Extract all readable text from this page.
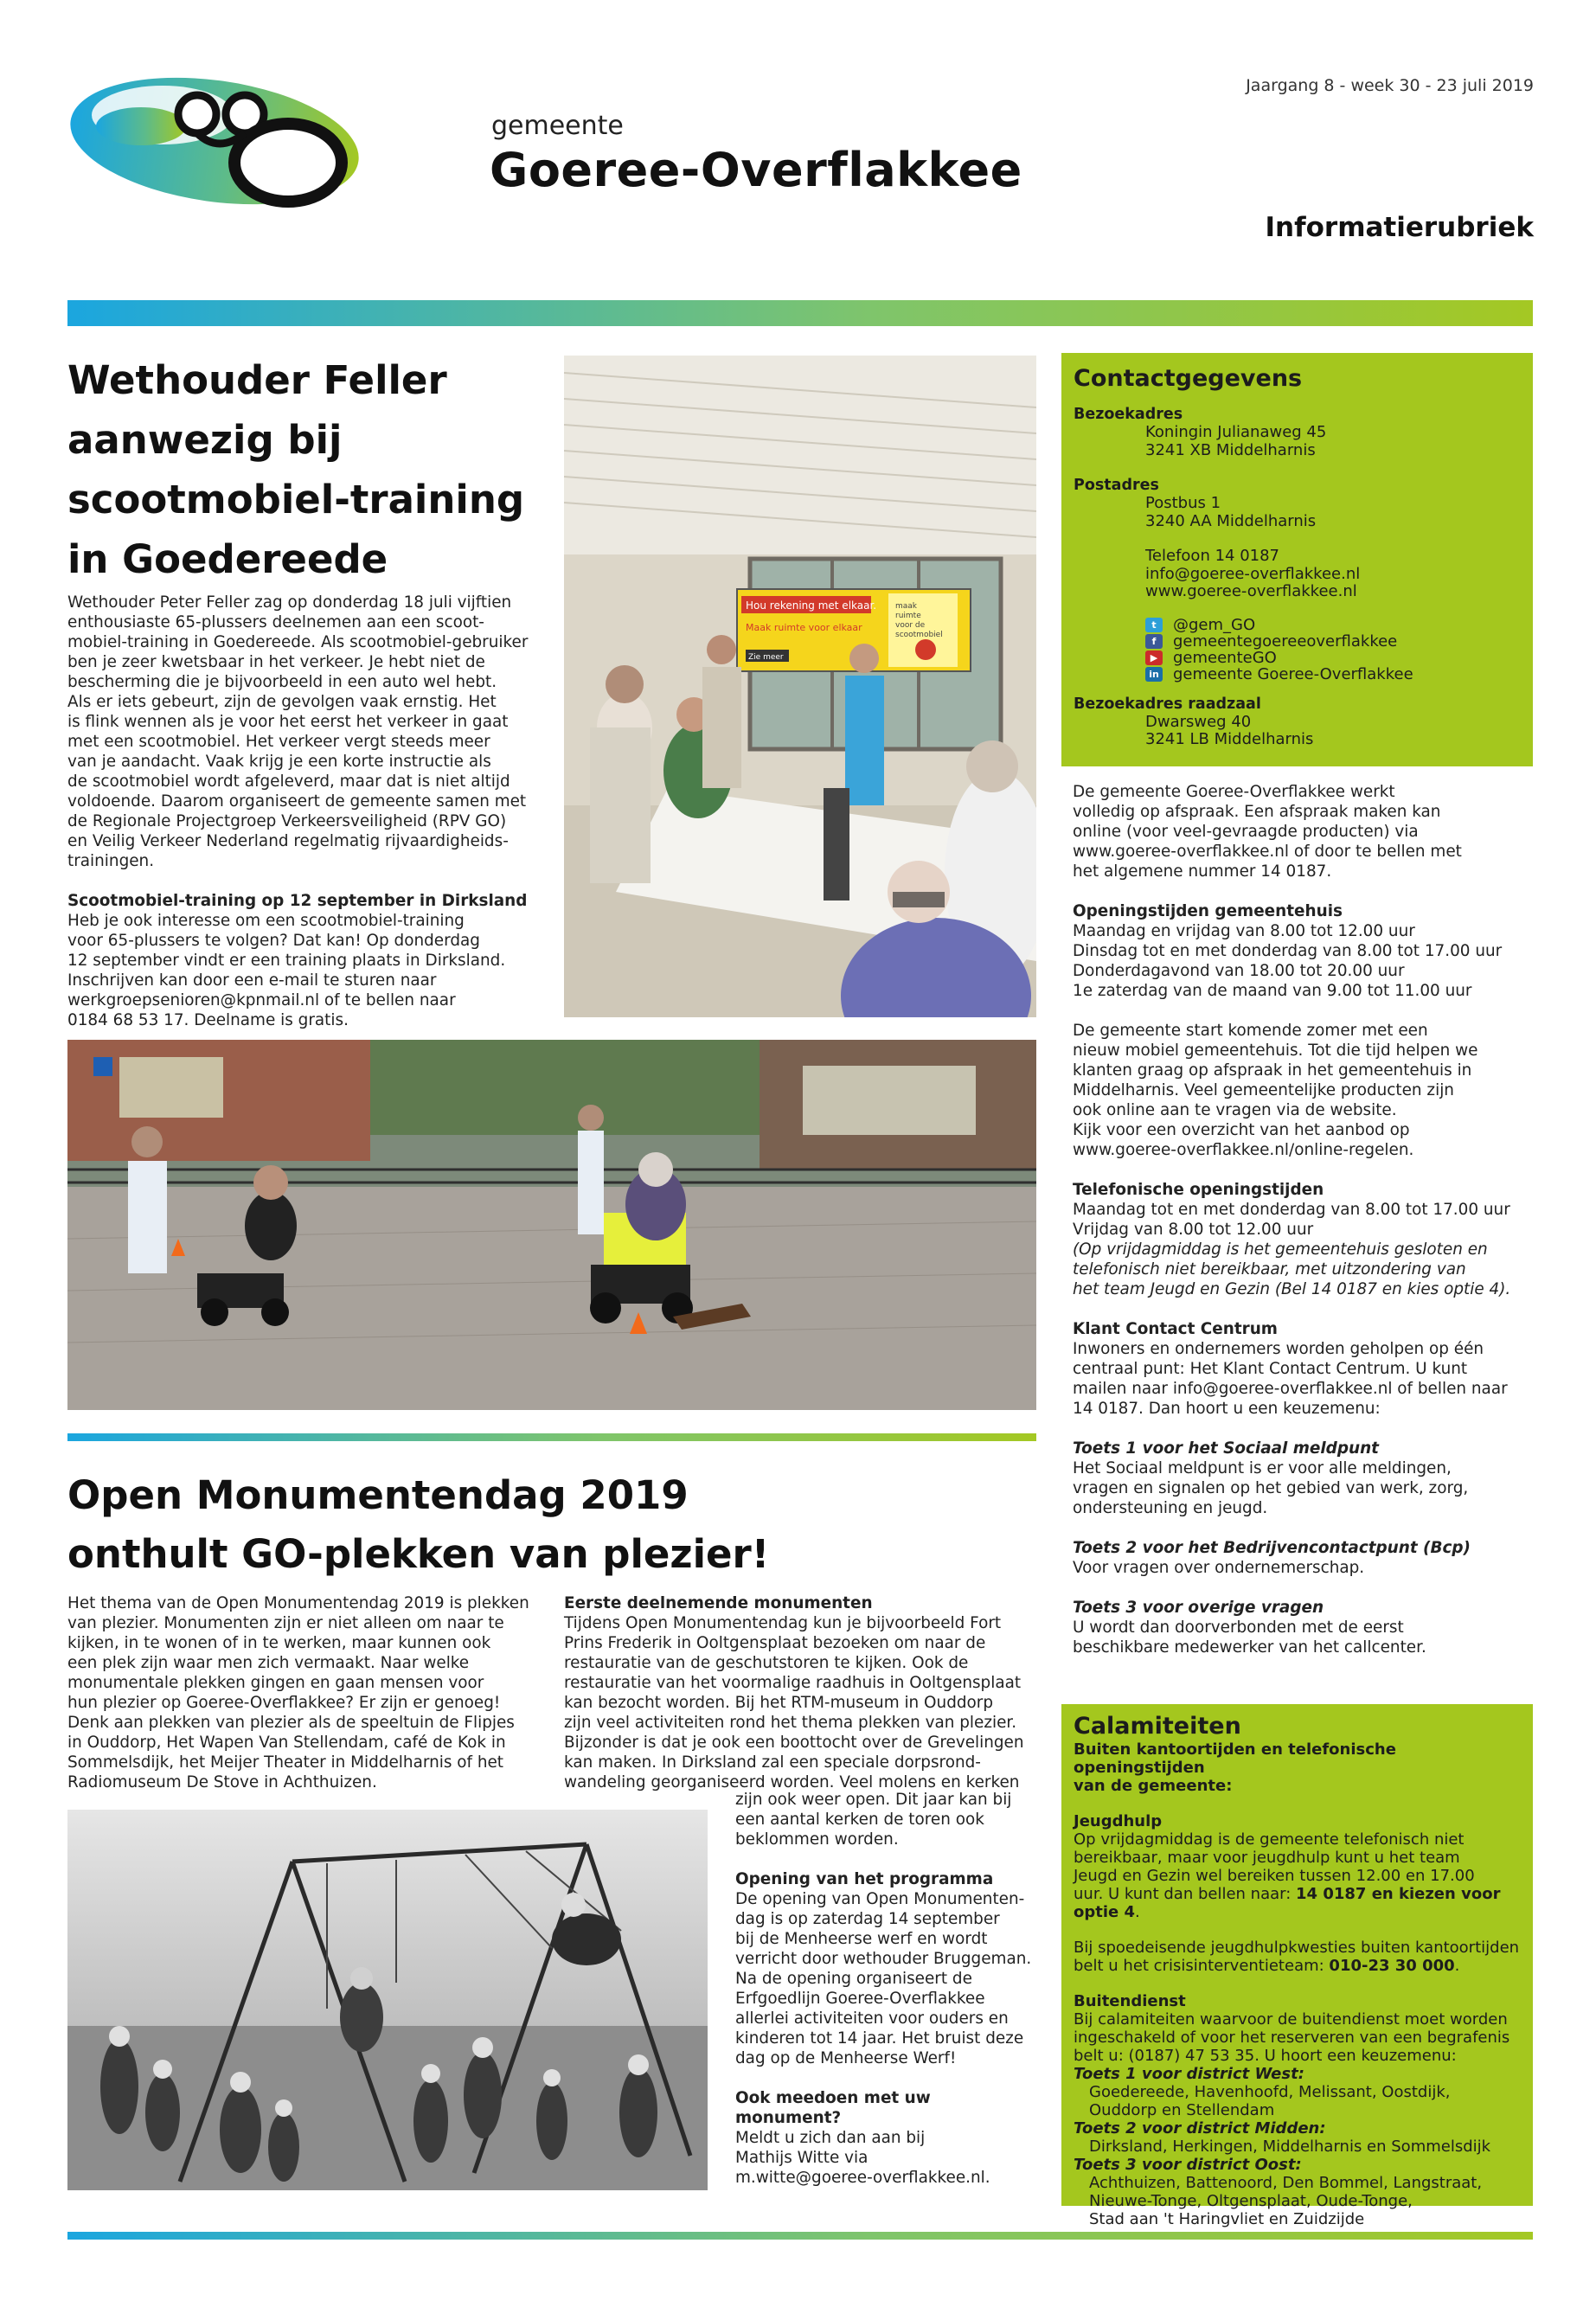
gemeente
Goeree-Overflakkee
Jaargang 8 - week 30 - 23 juli 2019
Informatierubriek
Wethouder Feller
aanwezig bij
scootmobiel-training
in Goedereede
Wethouder Peter Feller zag op donderdag 18 juli vijftien
enthousiaste 65-plussers deelnemen aan een scoot-
mobiel-training in Goedereede. Als scootmobiel-gebruiker
ben je zeer kwetsbaar in het verkeer. Je hebt niet de
bescherming die je bijvoorbeeld in een auto wel hebt.
Als er iets gebeurt, zijn de gevolgen vaak ernstig. Het
is flink wennen als je voor het eerst het verkeer in gaat
met een scootmobiel. Het verkeer vergt steeds meer
van je aandacht. Vaak krijg je een korte instructie als
de scootmobiel wordt afgeleverd, maar dat is niet altijd
voldoende. Daarom organiseert de gemeente samen met
de Regionale Projectgroep Verkeersveiligheid (RPV GO)
en Veilig Verkeer Nederland regelmatig rijvaardigheids-
trainingen.
Scootmobiel-training op 12 september in Dirksland
Heb je ook interesse om een scootmobiel-training
voor 65-plussers te volgen? Dat kan! Op donderdag
12 september vindt er een training plaats in Dirksland.
Inschrijven kan door een e-mail te sturen naar
werkgroepsenioren@kpnmail.nl of te bellen naar
0184 68 53 17. Deelname is gratis.
Hou rekening met elkaar.
Maak ruimte voor elkaar
Zie meer
maak
ruimte
voor de
scootmobiel
Open Monumentendag 2019
onthult GO-plekken van plezier!
Het thema van de Open Monumentendag 2019 is plekken
van plezier. Monumenten zijn er niet alleen om naar te
kijken, in te wonen of in te werken, maar kunnen ook
een plek zijn waar men zich vermaakt. Naar welke
monumentale plekken gingen en gaan mensen voor
hun plezier op Goeree-Overflakkee? Er zijn er genoeg!
Denk aan plekken van plezier als de speeltuin de Flipjes
in Ouddorp, Het Wapen Van Stellendam, café de Kok in
Sommelsdijk, het Meijer Theater in Middelharnis of het
Radiomuseum De Stove in Achthuizen.
Eerste deelnemende monumenten
Tijdens Open Monumentendag kun je bijvoorbeeld Fort
Prins Frederik in Ooltgensplaat bezoeken om naar de
restauratie van de geschutstoren te kijken. Ook de
restauratie van het voormalige raadhuis in Ooltgensplaat
kan bezocht worden. Bij het RTM-museum in Ouddorp
zijn veel activiteiten rond het thema plekken van plezier.
Bijzonder is dat je ook een boottocht over de Grevelingen
kan maken. In Dirksland zal een speciale dorpsrond-
wandeling georganiseerd worden. Veel molens en kerken
zijn ook weer open. Dit jaar kan bij
een aantal kerken de toren ook
beklommen worden.
Opening van het programma
De opening van Open Monumenten-
dag is op zaterdag 14 september
bij de Menheerse werf en wordt
verricht door wethouder Bruggeman.
Na de opening organiseert de
Erfgoedlijn Goeree-Overflakkee
allerlei activiteiten voor ouders en
kinderen tot 14 jaar. Het bruist deze
dag op de Menheerse Werf!
Ook meedoen met uw monument?
Meldt u zich dan aan bij
Mathijs Witte via
m.witte@goeree-overflakkee.nl.
Contactgegevens
Bezoekadres
Koningin Julianaweg 45
3241 XB Middelharnis
Postadres
Postbus 1
3240 AA Middelharnis
Telefoon 14 0187
info@goeree-overflakkee.nl
www.goeree-overflakkee.nl
t	@gem_GO
f	gemeentegoereeoverflakkee
▶ gemeenteGO
in gemeente Goeree-Overflakkee
Bezoekadres raadzaal
Dwarsweg 40
3241 LB Middelharnis

De gemeente Goeree-Overflakkee werkt
volledig op afspraak. Een afspraak maken kan
online (voor veel-gevraagde producten) via
www.goeree-overflakkee.nl of door te bellen met
het algemene nummer 14 0187.

Openingstijden gemeentehuis
Maandag en vrijdag van 8.00 tot 12.00 uur
Dinsdag tot en met donderdag van 8.00 tot 17.00 uur
Donderdagavond van 18.00 tot 20.00 uur
1e zaterdag van de maand van 9.00 tot 11.00 uur

De gemeente start komende zomer met een
nieuw mobiel gemeentehuis. Tot die tijd helpen we
klanten graag op afspraak in het gemeentehuis in
Middelharnis. Veel gemeentelijke producten zijn
ook online aan te vragen via de website.
Kijk voor een overzicht van het aanbod op
www.goeree-overflakkee.nl/online-regelen.

Telefonische openingstijden
Maandag tot en met donderdag van 8.00 tot 17.00 uur
Vrijdag van 8.00 tot 12.00 uur
(Op vrijdagmiddag is het gemeentehuis gesloten en
telefonisch niet bereikbaar, met uitzondering van
het team Jeugd en Gezin (Bel 14 0187 en kies optie 4).

Klant Contact Centrum
Inwoners en ondernemers worden geholpen op één
centraal punt: Het Klant Contact Centrum. U kunt
mailen naar info@goeree-overflakkee.nl of bellen naar
14 0187. Dan hoort u een keuzemenu:

Toets 1 voor het Sociaal meldpunt
Het Sociaal meldpunt is er voor alle meldingen,
vragen en signalen op het gebied van werk, zorg,
ondersteuning en jeugd.

Toets 2 voor het Bedrijvencontactpunt (Bcp)
Voor vragen over ondernemerschap.

Toets 3 voor overige vragen
U wordt dan doorverbonden met de eerst
beschikbare medewerker van het callcenter.

Calamiteiten
Buiten kantoortijden en telefonische openingstijden
van de gemeente:
Jeugdhulp
Op vrijdagmiddag is de gemeente telefonisch niet
bereikbaar, maar voor jeugdhulp kunt u het team
Jeugd en Gezin wel bereiken tussen 12.00 en 17.00
uur. U kunt dan bellen naar: 14 0187 en kiezen voor
optie 4.
Bij spoedeisende jeugdhulpkwesties buiten kantoortijden
belt u het crisisinterventieteam: 010-23 30 000.
Buitendienst
Bij calamiteiten waarvoor de buitendienst moet worden
ingeschakeld of voor het reserveren van een begrafenis
belt u: (0187) 47 53 35. U hoort een keuzemenu:
Toets 1 voor district West:
Goedereede, Havenhoofd, Melissant, Oostdijk,
Ouddorp en Stellendam
Toets 2 voor district Midden:
Dirksland, Herkingen, Middelharnis en Sommelsdijk
Toets 3 voor district Oost:
Achthuizen, Battenoord, Den Bommel, Langstraat,
Nieuwe-Tonge, Oltgensplaat, Oude-Tonge,
Stad aan 't Haringvliet en Zuidzijde
